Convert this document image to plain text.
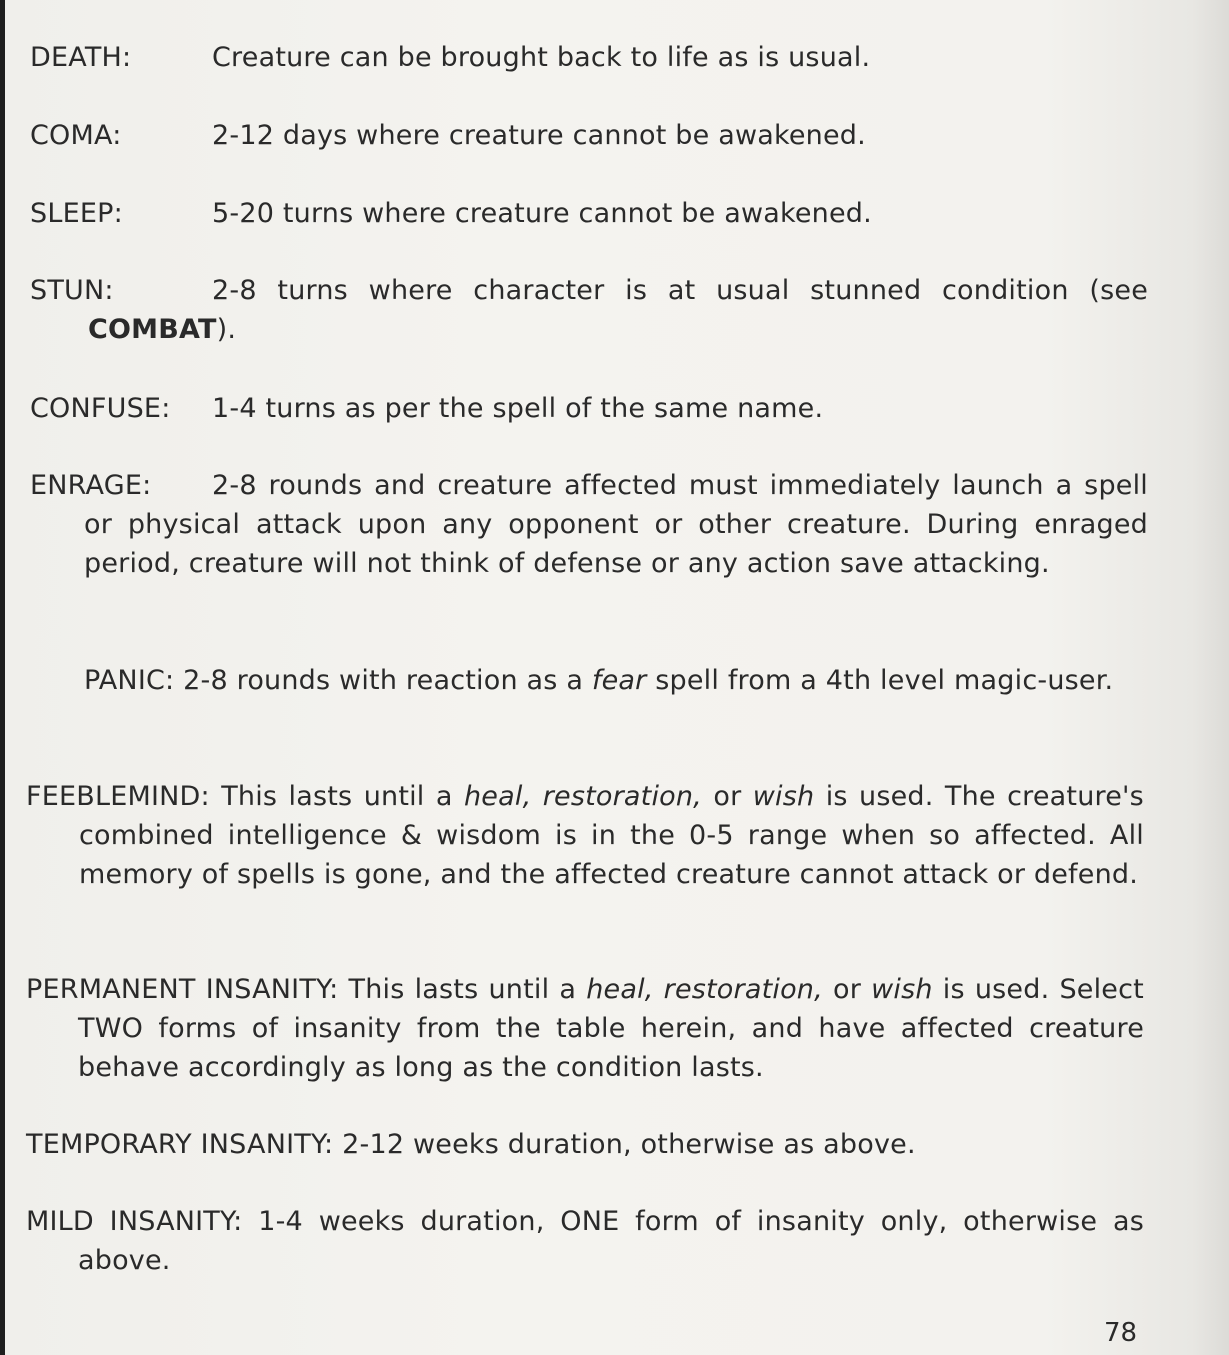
DEATH:	Creature can be brought back to life as is usual.
COMA:	2-12 days where creature cannot be awakened.
SLEEP:	5-20 turns where creature cannot be awakened.
STUN:	2-8 turns where character is at usual stunned condition (see COMBAT).
CONFUSE: 1-4 turns as per the spell of the same name.
ENRAGE: 2-8 rounds and creature affected must immediately launch a spell or physical attack upon any opponent or other creature. During enraged period, creature will not think of defense or any action save attacking.
PANIC: 2-8 rounds with reaction as a fear spell from a 4th level magic-user.
FEEBLEMIND: This lasts until a heal, restoration, or wish is used. The creature's combined intelligence & wisdom is in the 0-5 range when so affected. All memory of spells is gone, and the affected creature cannot attack or defend.
PERMANENT INSANITY: This lasts until a heal, restoration, or wish is used. Select TWO forms of insanity from the table herein, and have affected creature behave accordingly as long as the condition lasts.
TEMPORARY INSANITY: 2-12 weeks duration, otherwise as above.
MILD INSANITY: 1-4 weeks duration, ONE form of insanity only, otherwise as above.
78
